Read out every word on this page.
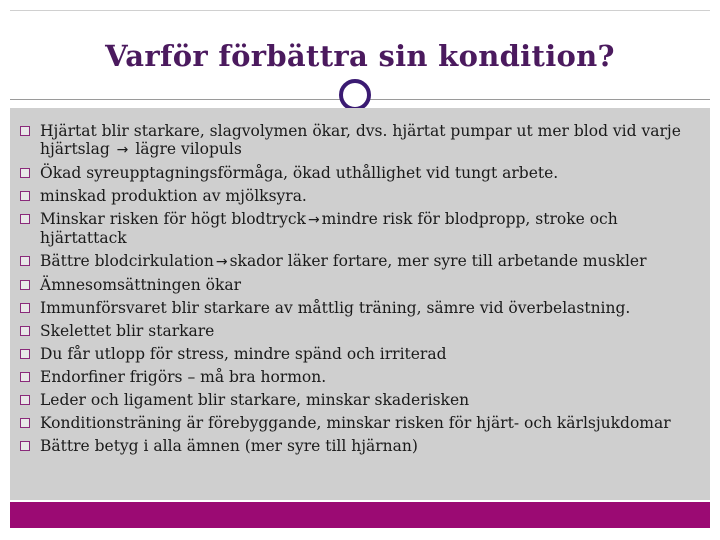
Varför förbättra sin kondition?
Hjärtat blir starkare, slagvolymen ökar, dvs. hjärtat pumpar ut mer blod vid varje hjärtslag → lägre vilopuls
Ökad syreupptagningsförmåga, ökad uthållighet vid tungt arbete.
minskad produktion av mjölksyra.
Minskar risken för högt blodtryck → mindre risk för blodpropp, stroke och hjärtattack
Bättre blodcirkulation → skador läker fortare, mer syre till arbetande muskler
Ämnesomsättningen ökar
Immunförsvaret blir starkare av måttlig träning, sämre vid överbelastning.
Skelettet blir starkare
Du får utlopp för stress, mindre spänd och irriterad
Endorfiner frigörs – må bra hormon.
Leder och ligament blir starkare, minskar skaderisken
Konditionsträning är förebyggande, minskar risken för hjärt- och kärlsjukdomar
Bättre betyg i alla ämnen (mer syre till hjärnan)
